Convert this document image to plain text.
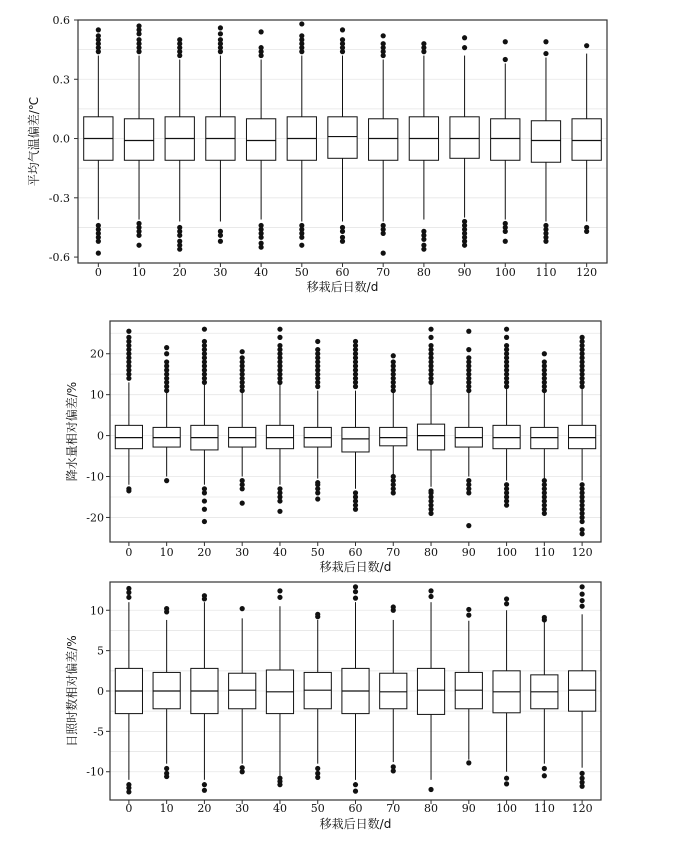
-0.6
-0.3
0.0
0.3
0.6
0	10 20 30 40 50 60 70 80 90 100 110 120
移栽后日数/d
平均气温偏差/℃
-20
-10
0
10
20
0 10 20 30 40 50 60 70 80 90 100 110 120
移栽后日数/d
降水量相对偏差/%
-10
-5
0
5
10
0 10 20 30 40 50 60 70 80 90 100 110 120
移栽后日数/d
日照时数相对偏差/%
